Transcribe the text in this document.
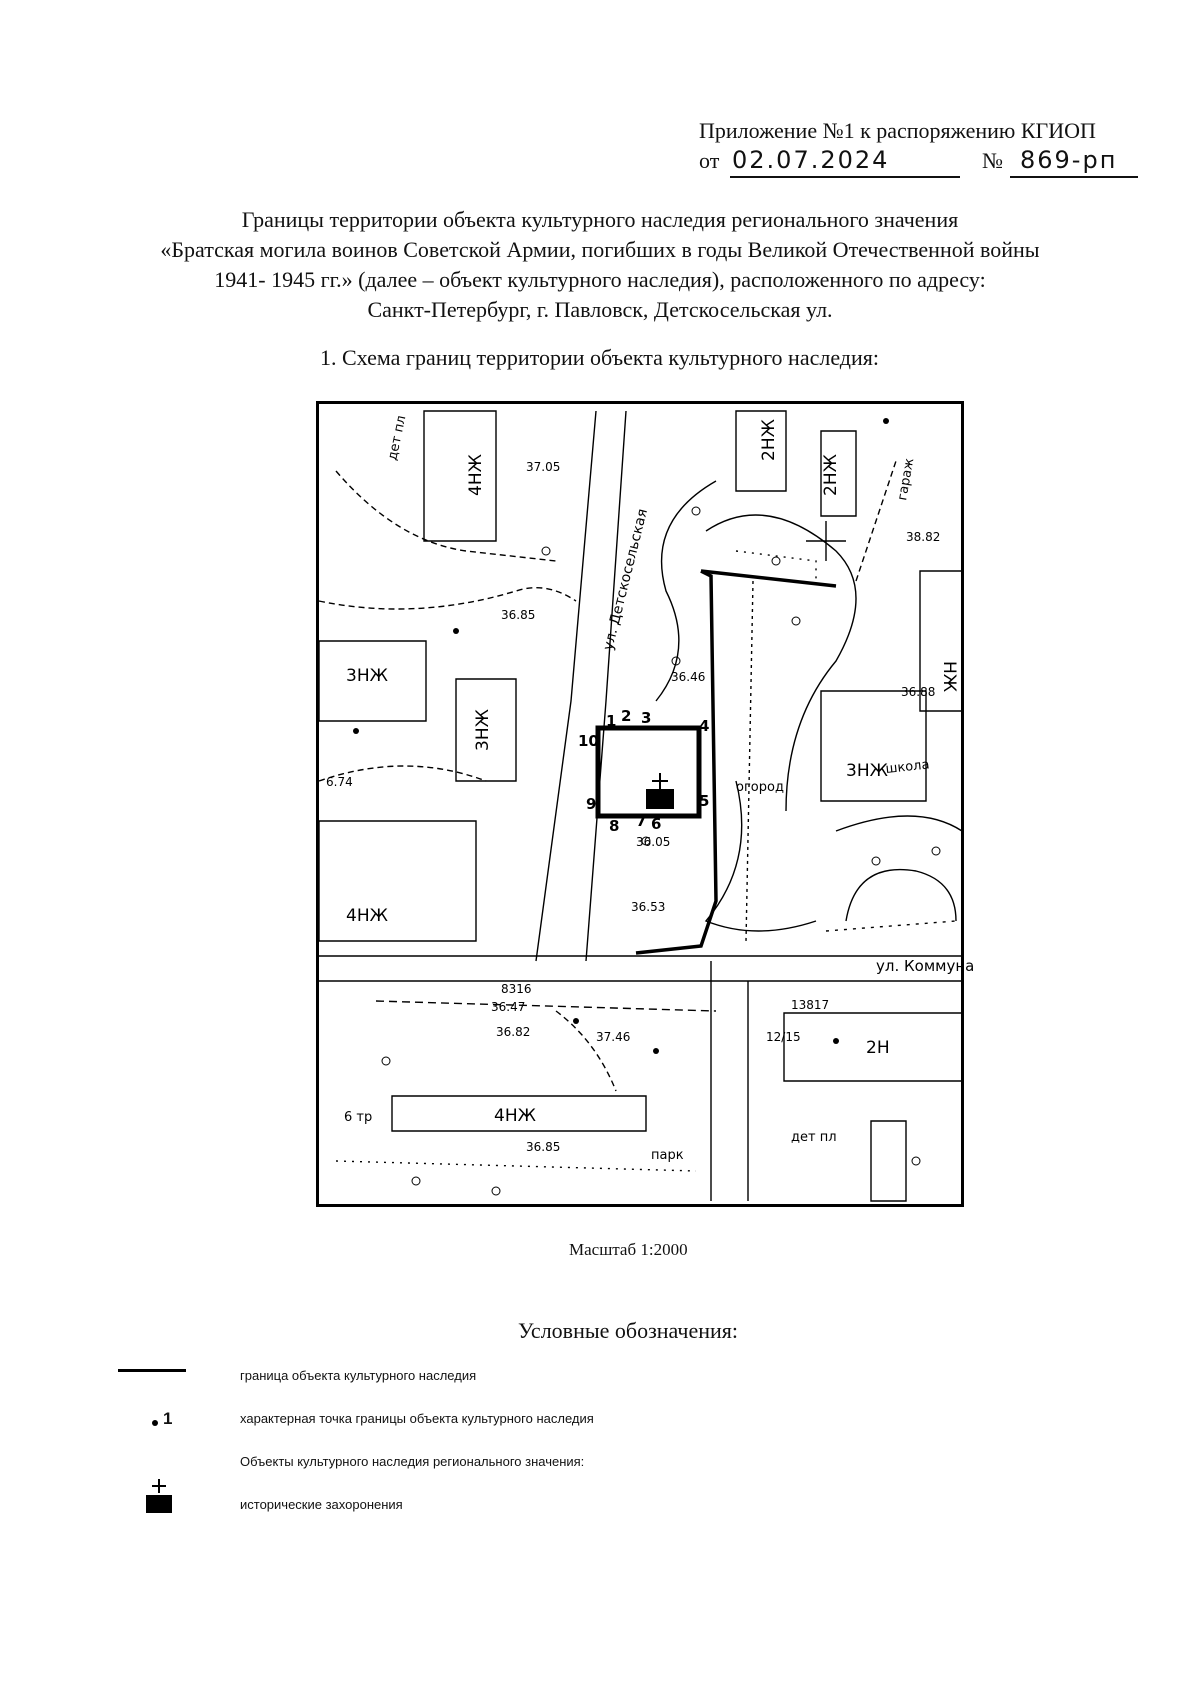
Приложение №1 к распоряжению КГИОП
от 02.07.2024	№ 869-рп
Границы территории объекта культурного наследия регионального значения
«Братская могила воинов Советской Армии, погибших в годы Великой Отечественной войны
1941- 1945 гг.» (далее – объект культурного наследия), расположенного по адресу:
Санкт-Петербург, г. Павловск, Детскосельская ул.
1. Схема границ территории объекта культурного наследия:
ул. Детскосельская
ул. Коммуна
4НЖ
2НЖ
2НЖ
НЖ
3НЖ
3НЖ
3НЖ
4НЖ
4НЖ
2Н
школа
огород
дет пл
дет пл
парк
гараж
6 тр
37.05
36.85
36.46
36.88
36.05
36.53
36.47
36.82	37.46
36.85
38.82
6.74
13817
12/15
8316
1 2 3	4
5
6
7
8
9
10
Масштаб 1:2000
Условные обозначения:
граница объекта культурного наследия
1	характерная точка границы объекта культурного наследия
Объекты культурного наследия регионального значения:
исторические захоронения
